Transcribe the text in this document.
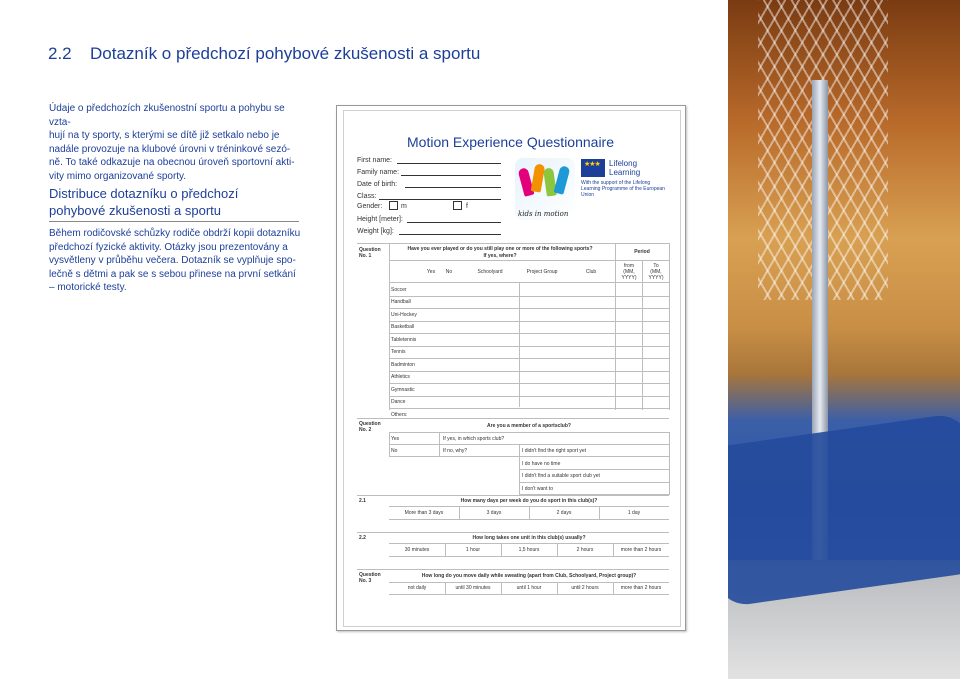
2.2 Dotazník o předchozí pohybové zkušenosti a sportu
Údaje o předchozích zkušenostní sportu a pohybu se vzta-
hují na ty sporty, s kterými se dítě již setkalo nebo je
nadále provozuje na klubové úrovni v tréninkové sezó-
ně. To také odkazuje na obecnou úroveň sportovní akti-
vity mimo organizované sporty.
Distribuce dotazníku o předchozí
pohybové zkušenosti a sportu
Během rodičovské schůzky rodiče obdrží kopii dotazníku
předchozí fyzické aktivity. Otázky jsou prezentovány a
vysvětleny v průběhu večera. Dotazník se vyplňuje spo-
lečně s dětmi a pak se s sebou přinese na první setkání
– motorické testy.
Motion Experience Questionnaire
First name:
Family name:
Date of birth:
Class:
Gender:	m	f
Height [meter]:
Weight [kg]:
kids in motion
★★★ Lifelong
Learning
With the support of the Lifelong Learning Programme of the European Union
Question
No. 1
Have you ever played or do you still play one or more of the following sports?
If yes, where?
Period
Yes	No	Schoolyard	Project Group	Club
from
(MM,
YYYY)
To
(MM,
YYYY)
Soccer
Handball
Uni-Hockey
Basketball
Tabletennis
Tennis
Badminton
Athletics
Gymnastic
Dance
Others:
Question
No. 2
Are you a member of a sportsclub?
Yes	If yes, in which sports club?
No	If no, why?	I didn't find the right sport yet
I do have no time
I didn't find a suitable sport club yet
I don't want to
2.1	How many days per week do you do sport in this club(s)?
More than 3 days	3 days	2 days	1 day
2.2	How long takes one unit in this club(s) usually?
30 minutes	1 hour	1,5 hours	2 hours	more than 2 hours
Question
No. 3
How long do you move daily while sweating (apart from Club, Schoolyard, Project group)?
not daily	until 30 minutes	until 1 hour	until 2 hours	more than 2 hours
